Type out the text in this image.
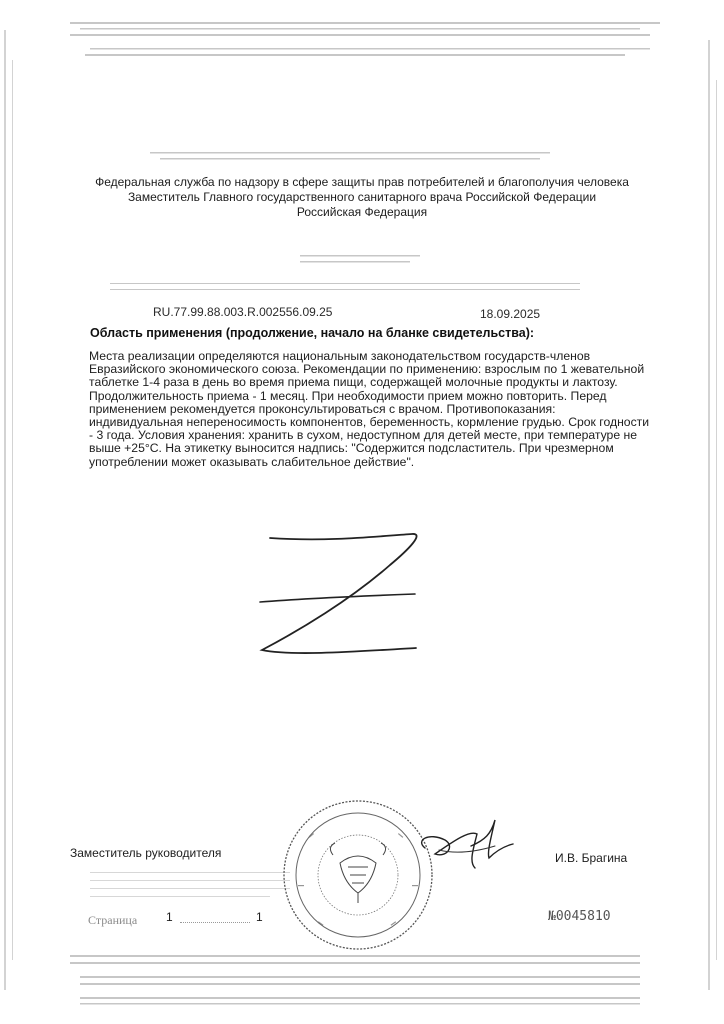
Федеральная служба по надзору в сфере защиты прав потребителей и благополучия человека
Заместитель Главного государственного санитарного врача Российской Федерации
Российская Федерация
RU.77.99.88.003.R.002556.09.25	18.09.2025
Область применения (продолжение, начало на бланке свидетельства):
Места реализации определяются национальным законодательством государств-членов
Евразийского экономического союза. Рекомендации по применению: взрослым по 1 жевательной
таблетке 1-4 раза в день во время приема пищи, содержащей молочные продукты и лактозу.
Продолжительность приема - 1 месяц. При необходимости прием можно повторить. Перед
применением рекомендуется проконсультироваться с врачом. Противопоказания:
индивидуальная непереносимость компонентов, беременность, кормление грудью. Срок годности
- 3 года. Условия хранения: хранить в сухом, недоступном для детей месте, при температуре не
выше +25°С. На этикетку выносится надпись: "Содержится подсластитель. При чрезмерном
употреблении может оказывать слабительное действие".
Заместитель руководителя	И.В. Брагина
Страница 1	1	№0045810
